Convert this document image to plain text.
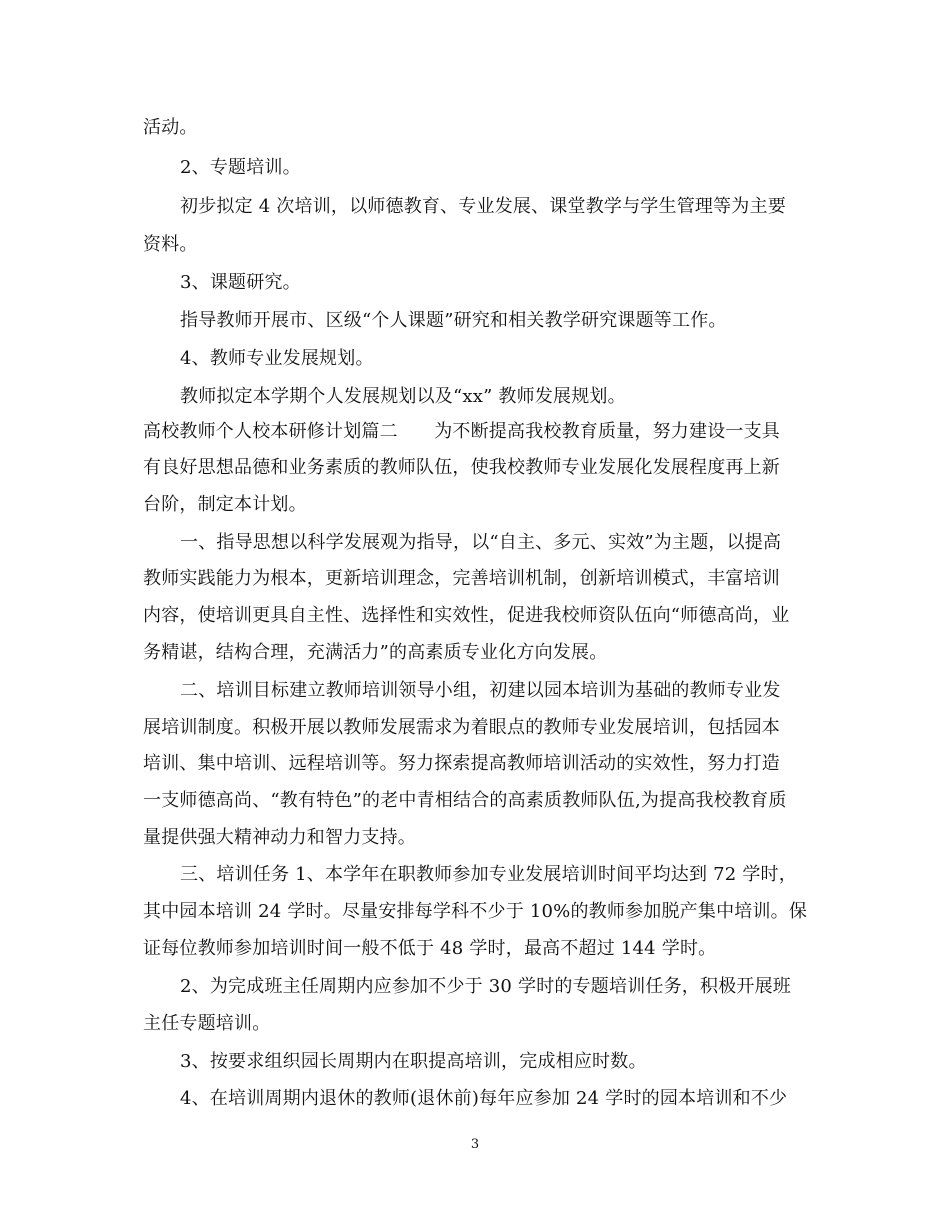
活动。
2、专题培训。
初步拟定 4 次培训，以师德教育、专业发展、课堂教学与学生管理等为主要
资料。
3、课题研究。
指导教师开展市、区级“个人课题”研究和相关教学研究课题等工作。
4、教师专业发展规划。
教师拟定本学期个人发展规划以及“xx” 教师发展规划。
高校教师个人校本研修计划篇二　　为不断提高我校教育质量，努力建设一支具
有良好思想品德和业务素质的教师队伍，使我校教师专业发展化发展程度再上新
台阶，制定本计划。
一、指导思想以科学发展观为指导，以“自主、多元、实效”为主题，以提高
教师实践能力为根本，更新培训理念，完善培训机制，创新培训模式，丰富培训
内容，使培训更具自主性、选择性和实效性，促进我校师资队伍向“师德高尚，业
务精谌，结构合理，充满活力”的高素质专业化方向发展。
二、培训目标建立教师培训领导小组，初建以园本培训为基础的教师专业发
展培训制度。积极开展以教师发展需求为着眼点的教师专业发展培训，包括园本
培训、集中培训、远程培训等。努力探索提高教师培训活动的实效性，努力打造
一支师德高尚、“教有特色”的老中青相结合的高素质教师队伍,为提高我校教育质
量提供强大精神动力和智力支持。
三、培训任务 1、本学年在职教师参加专业发展培训时间平均达到 72 学时，
其中园本培训 24 学时。尽量安排每学科不少于 10%的教师参加脱产集中培训。保
证每位教师参加培训时间一般不低于 48 学时，最高不超过 144 学时。
2、为完成班主任周期内应参加不少于 30 学时的专题培训任务，积极开展班
主任专题培训。
3、按要求组织园长周期内在职提高培训，完成相应时数。
4、在培训周期内退休的教师(退休前)每年应参加 24 学时的园本培训和不少
3
